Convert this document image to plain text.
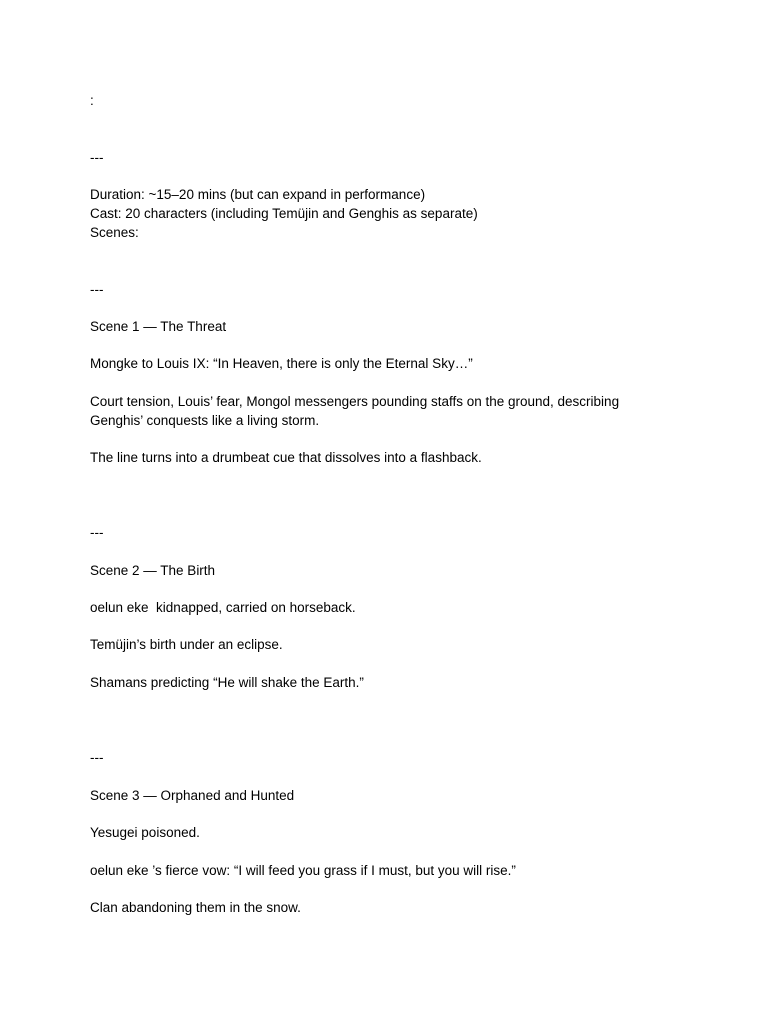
:

---

Duration: ~15–20 mins (but can expand in performance)

Cast: 20 characters (including Temüjin and Genghis as separate)

Scenes:

---

Scene 1 — The Threat

Mongke to Louis IX: “In Heaven, there is only the Eternal Sky…”

Court tension, Louis’ fear, Mongol messengers pounding staffs on the ground, describing

Genghis’ conquests like a living storm.

The line turns into a drumbeat cue that dissolves into a flashback.

---

Scene 2 — The Birth

oelun eke  kidnapped, carried on horseback.

Temüjin’s birth under an eclipse.

Shamans predicting “He will shake the Earth.”

---

Scene 3 — Orphaned and Hunted

Yesugei poisoned.

oelun eke ’s fierce vow: “I will feed you grass if I must, but you will rise.”

Clan abandoning them in the snow.
